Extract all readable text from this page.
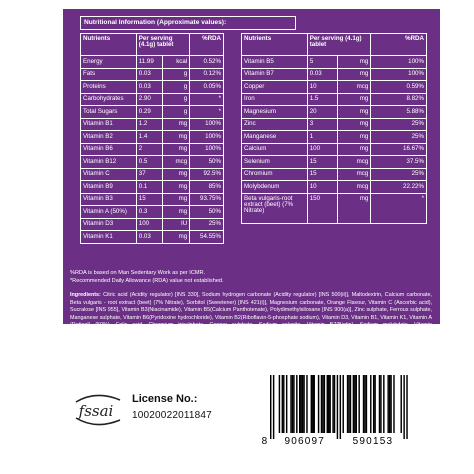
Nutritional Information (Approximate values):
Nutrients	Per serving (4.1g) tablet		%RDA
Energy	11.99	kcal	0.52%
Fats	0.03	g	0.12%
Proteins	0.03	g	0.05%
Carbohydrates	2.90	g	*
Total Sugars	0.29	g	*
Vitamin B1	1.2	mg	100%
Vitamin B2	1.4	mg	100%
Vitamin B6	2	mg	100%
Vitamin B12	0.5	mcg	50%
Vitamin C	37	mg	92.5%
Vitamin B9	0.1	mg	85%
Vitamin B3	15	mg	93.75%
Vitamin A (50%)	0.3	mg	50%
Vitamin D3	100	IU	25%
Vitamin K1	0.03	mg	54.55%
Nutrients	Per serving (4.1g) tablet		%RDA
Vitamin B5	5	mg	100%
Vitamin B7	0.03	mg	100%
Copper	10	mcg	0.59%
Iron	1.5	mg	8.82%
Magnesium	20	mg	5.88%
Zinc	3	mg	25%
Manganese	1	mg	25%
Calcium	100	mg	16.67%
Selenium	15	mcg	37.5%
Chromium	15	mcg	25%
Molybdenum	10	mcg	22.22%
Beta vulgaris-root extract (beet) (7% Nitrate)	150	mg	*
%RDA is based on Man Sedentary Work as per ICMR.
*Recommended Daily Allowance (RDA) value not established.
Ingredients: Citric acid (Acidity regulator) [INS 330], Sodium hydrogen carbonate (Acidity regulator) [INS 500(ii)], Maltodextrin, Calcium carbonate, Beta vulgaris - root extract (beet) (7% Nitrate), Sorbitol (Sweetener) [INS 421(i)], Magnesium carbonate, Orange Flavour, Vitamin C (Ascorbic acid), Sucralose [INS 955], Vitamin B3(Niacinamide), Vitamin B5(Calcium Panthotenate), Polydimethylsiloxane [INS 900(a)], Zinc sulphate, Ferrous sulphate, Manganese sulphate, Vitamin B6(Pyridoxine hydrochloride), Vitamin B2(Riboflavin-5-phosphate sodium), Vitamin D3, Vitamin B1, Vitamin K1, Vitamin A (Retinol) (50%), Folic acid, Chromium trisulphate, Copper sulphate, Sodium selenite, Vitamin B7(Biotin), Sodium molybdate, Vitamin B12(Cyanocobalamin).
fssai
License No.:
10020022011847
8 906097	590153
